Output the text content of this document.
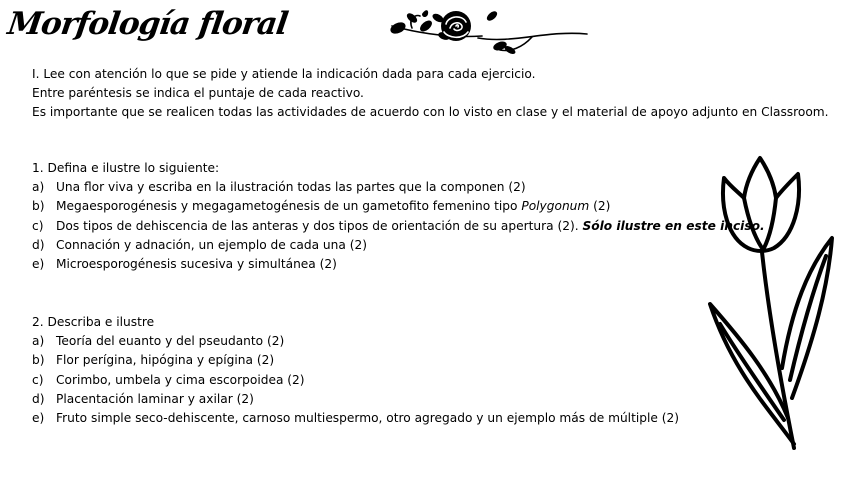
Morfología floral

I. Lee con atención lo que se pide y atiende la indicación dada para cada ejercicio.

Entre paréntesis se indica el puntaje de cada reactivo.

Es importante que se realicen todas las actividades de acuerdo con lo visto en clase y el material de apoyo adjunto en Classroom.

1. Defina e ilustre lo siguiente:

a) Una flor viva y escriba en la ilustración todas las partes que la componen (2)
b) Megaesporogénesis y megagametogénesis de un gametofito femenino tipo Polygonum (2)
c) Dos tipos de dehiscencia de las anteras y dos tipos de orientación de su apertura (2). Sólo ilustre en este inciso.
d) Connación y adnación, un ejemplo de cada una (2)
e) Microesporogénesis sucesiva y simultánea (2)

2. Describa e ilustre

a) Teoría del euanto y del pseudanto (2)
b) Flor perígina, hipógina y epígina (2)
c) Corimbo, umbela y cima escorpoidea (2)
d) Placentación laminar y axilar (2)
e) Fruto simple seco-dehiscente, carnoso multiespermo, otro agregado y un ejemplo más de múltiple (2)
